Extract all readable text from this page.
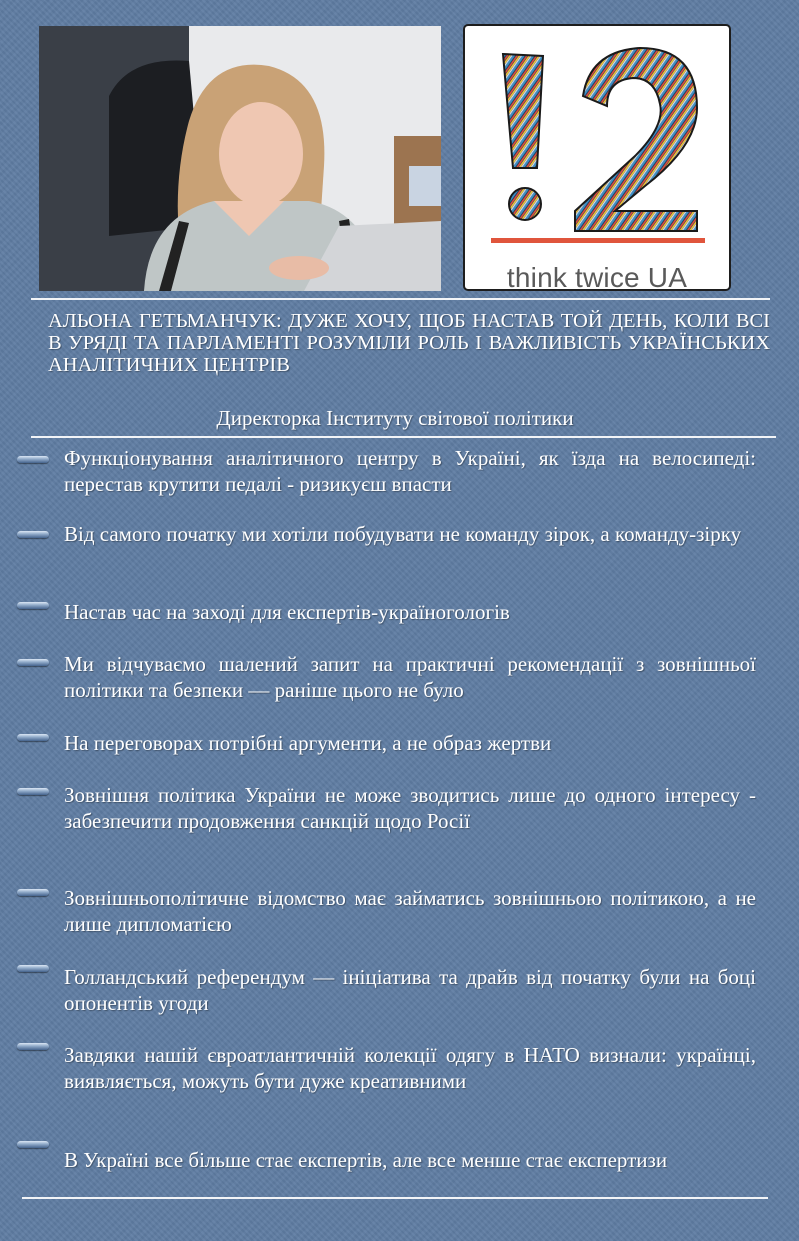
think twice UA
АЛЬОНА ГЕТЬМАНЧУК: ДУЖЕ ХОЧУ, ЩОБ НАСТАВ ТОЙ ДЕНЬ, КОЛИ ВСІ В УРЯДІ ТА ПАРЛАМЕНТІ РОЗУМІЛИ РОЛЬ І ВАЖЛИВІСТЬ УКРАЇНСЬКИХ АНАЛІТИЧНИХ ЦЕНТРІВ
Директорка Інституту світової політики
Функціонування аналітичного центру в Україні, як їзда на велосипеді: перестав крутити педалі - ризикуєш впасти
Від самого початку ми хотіли побудувати не команду зірок, а команду-зірку
Настав час на заході для експертів-україногологів
Ми відчуваємо шалений запит на практичні рекомендації з зовнішньої політики та безпеки — раніше цього не було
На переговорах потрібні аргументи, а не образ жертви
Зовнішня політика України не може зводитись лише до одного інтересу - забезпечити продовження санкцій щодо Росії
Зовнішньополітичне відомство має займатись зовнішньою політикою, а не лише дипломатією
Голландський референдум — ініціатива та драйв від початку були на боці опонентів угоди
Завдяки нашій євроатлантичній колекції одягу в НАТО визнали: українці, виявляється, можуть бути дуже креативними
В Україні все більше стає експертів, але все менше стає експертизи
